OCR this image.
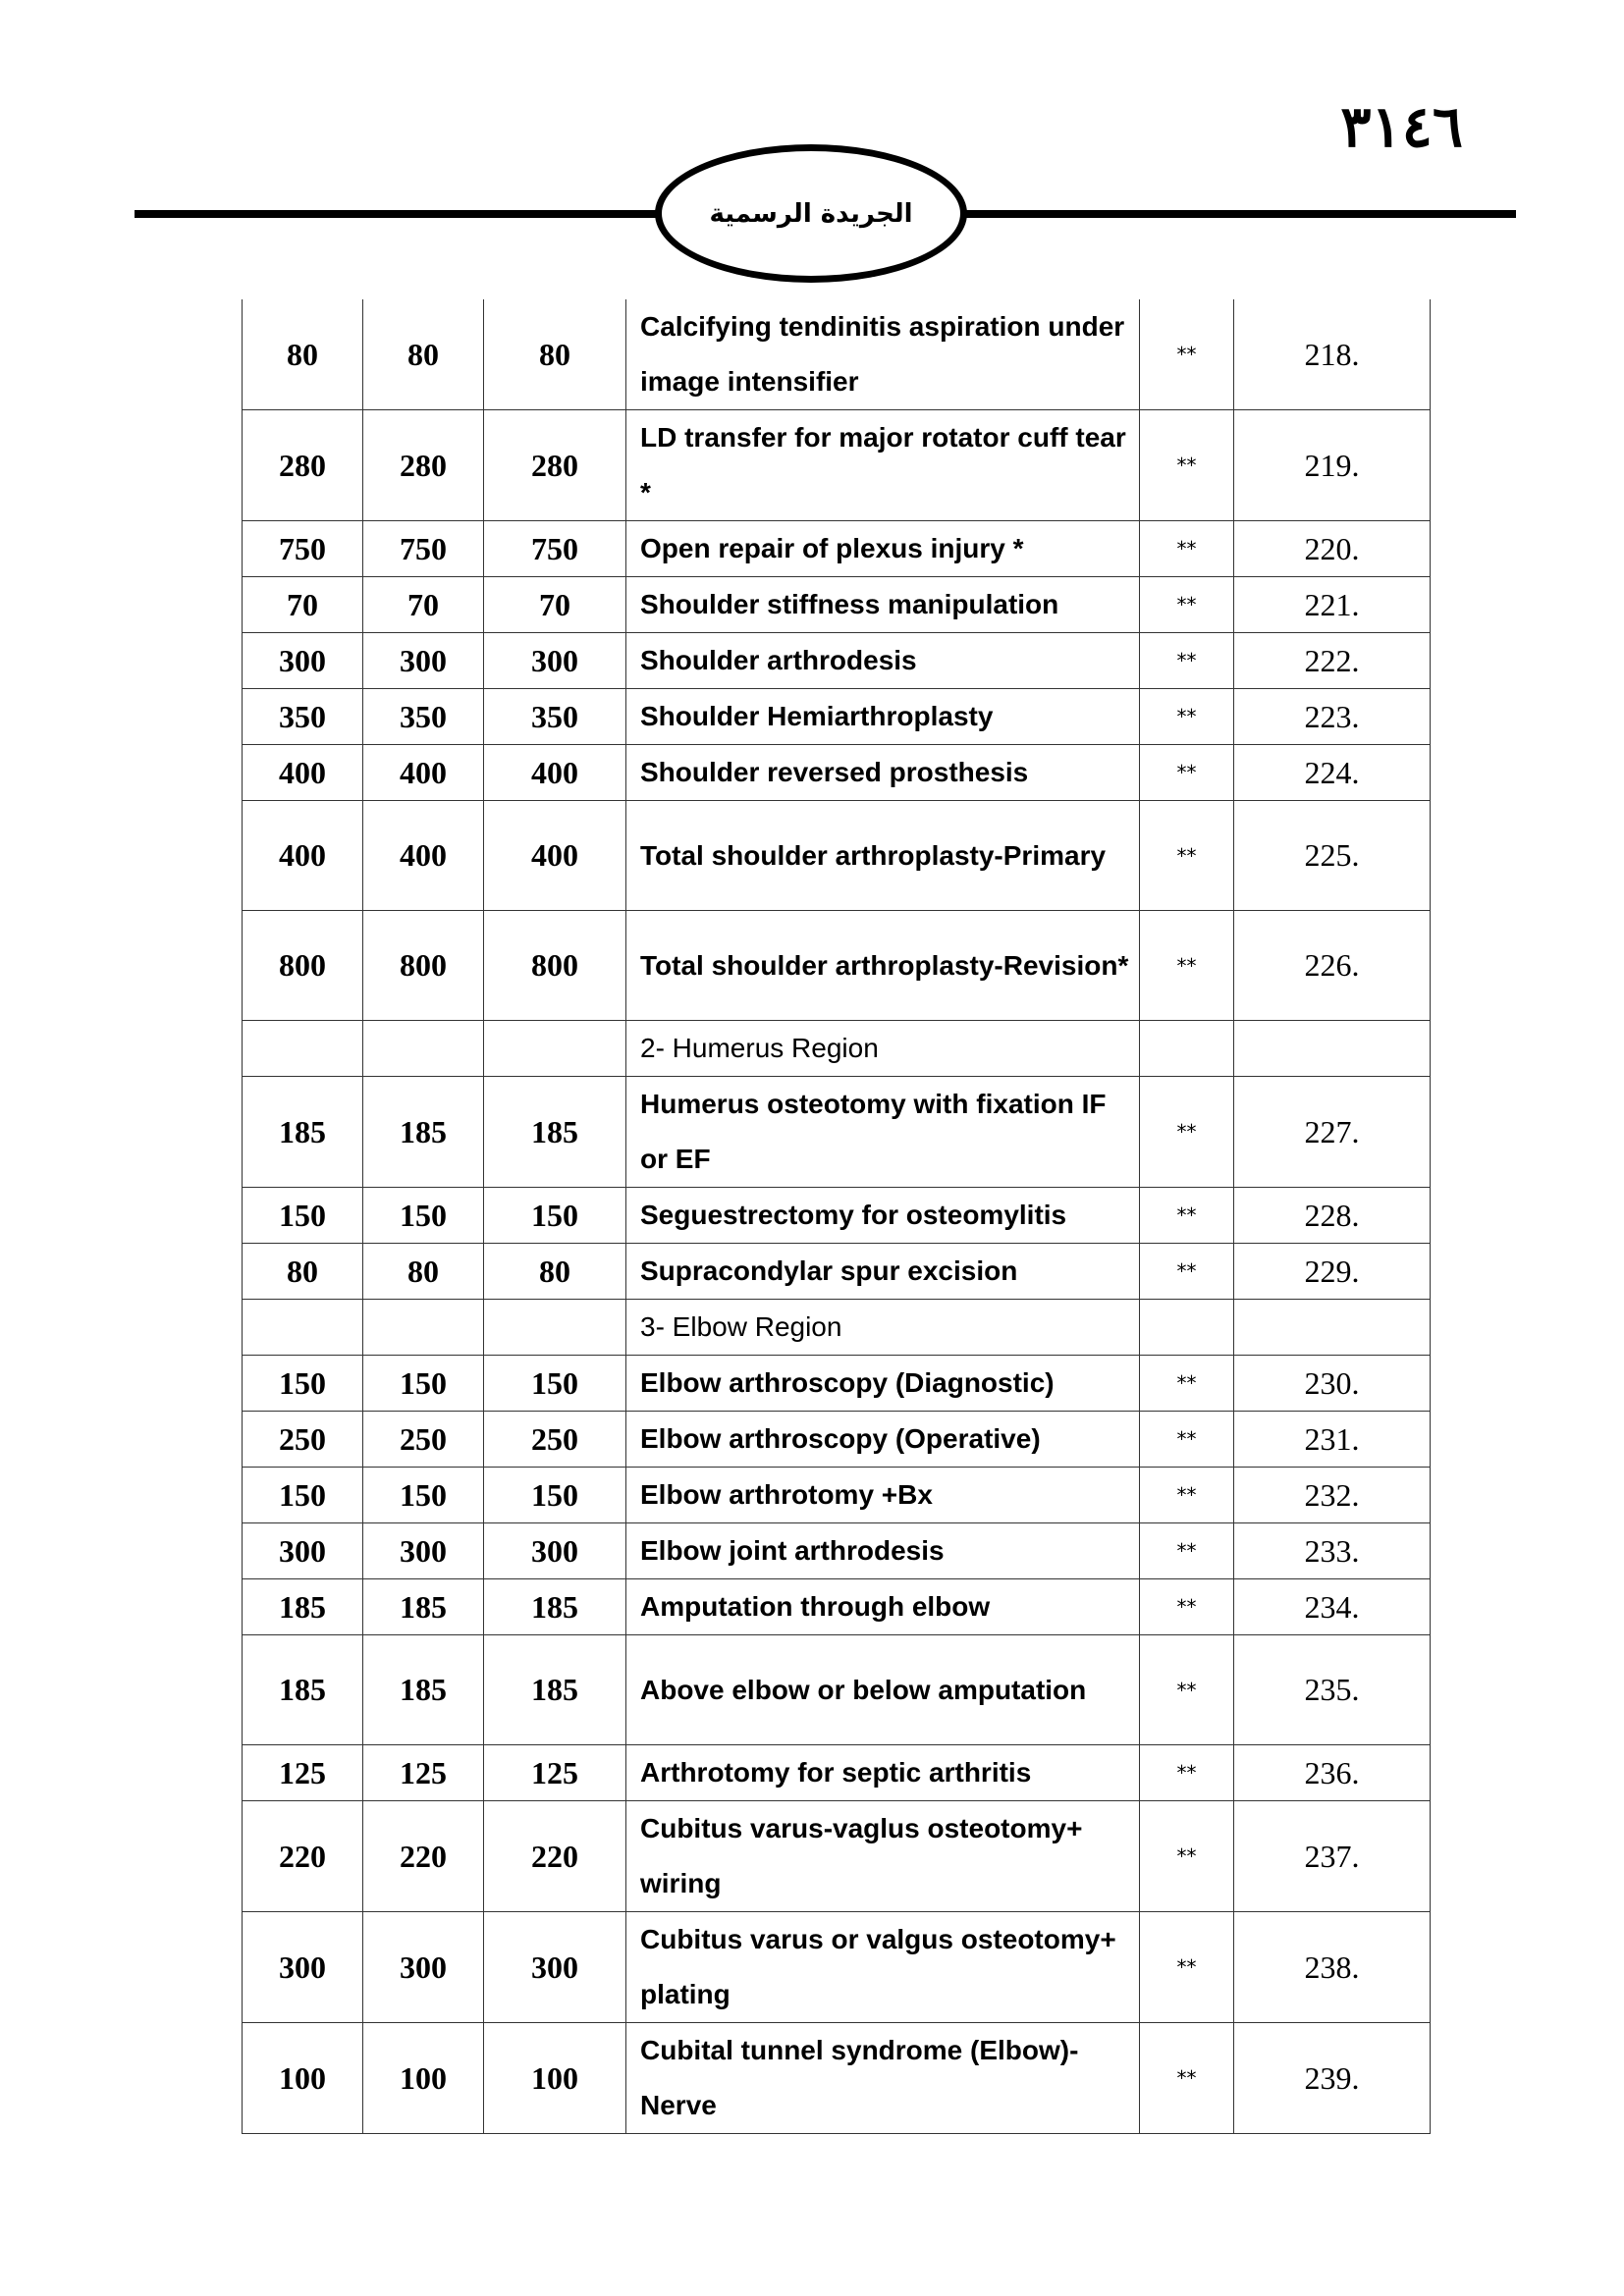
٣١٤٦
الجريدة الرسمية
80	80	80	Calcifying tendinitis aspiration under image intensifier	**	218.
280	280	280	LD transfer for major rotator cuff tear *	**	219.
750	750	750	Open repair of plexus injury *	**	220.
70	70	70	Shoulder stiffness manipulation	**	221.
300	300	300	Shoulder arthrodesis	**	222.
350	350	350	Shoulder Hemiarthroplasty	**	223.
400	400	400	Shoulder reversed prosthesis	**	224.
400	400	400	Total shoulder arthroplasty-Primary	**	225.
800	800	800	Total shoulder arthroplasty-Revision*	**	226.
			2- Humerus Region		
185	185	185	Humerus osteotomy with fixation IF or EF	**	227.
150	150	150	Seguestrectomy for osteomylitis	**	228.
80	80	80	Supracondylar spur excision	**	229.
			3- Elbow Region		
150	150	150	Elbow arthroscopy (Diagnostic)	**	230.
250	250	250	Elbow arthroscopy (Operative)	**	231.
150	150	150	Elbow arthrotomy +Bx	**	232.
300	300	300	Elbow joint arthrodesis	**	233.
185	185	185	Amputation through elbow	**	234.
185	185	185	Above elbow or below amputation	**	235.
125	125	125	Arthrotomy for septic arthritis	**	236.
220	220	220	Cubitus varus-vaglus osteotomy+ wiring	**	237.
300	300	300	Cubitus varus or valgus osteotomy+ plating	**	238.
100	100	100	Cubital tunnel syndrome (Elbow)-Nerve	**	239.
